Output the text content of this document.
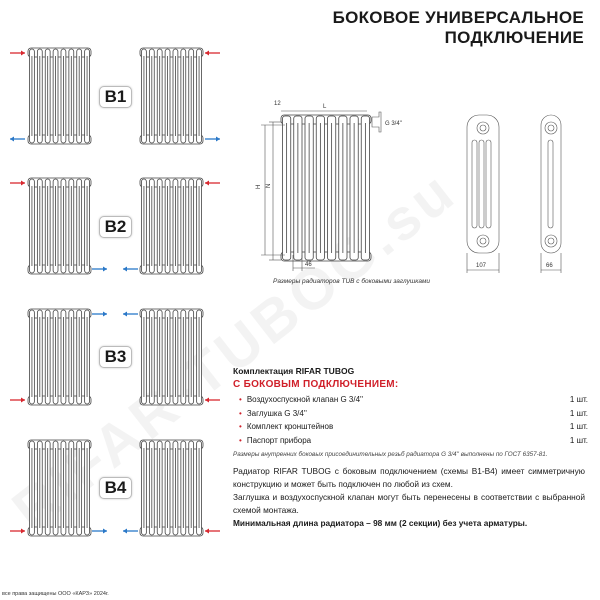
БОКОВОЕ УНИВЕРСАЛЬНОЕ
ПОДКЛЮЧЕНИЕ
B1
B2
B3
B4
12	L
G 3/4''
H N
46	107	66
Размеры радиаторов TUB с боковыми заглушками
Комплектация RIFAR TUBOG
С БОКОВЫМ ПОДКЛЮЧЕНИЕМ:
• Воздухоспускной клапан G 3/4''	1 шт.
• Заглушка G 3/4''	1 шт.
• Комплект кронштейнов	1 шт.
• Паспорт прибора	1 шт.
Размеры внутренних боковых присоединительных резьб радиатора G 3/4'' выполнены по ГОСТ 6357-81.
Радиатор RIFAR TUBOG с боковым подключением (схемы B1-B4) имеет симметричную конструкцию и может быть подключен по любой из схем.
Заглушка и воздухоспускной клапан могут быть перенесены в соответствии с выбранной схемой монтажа.
Минимальная длина радиатора – 98 мм (2 секции) без учета арматуры.
все права защищены ООО «КАРЗ» 2024г.
